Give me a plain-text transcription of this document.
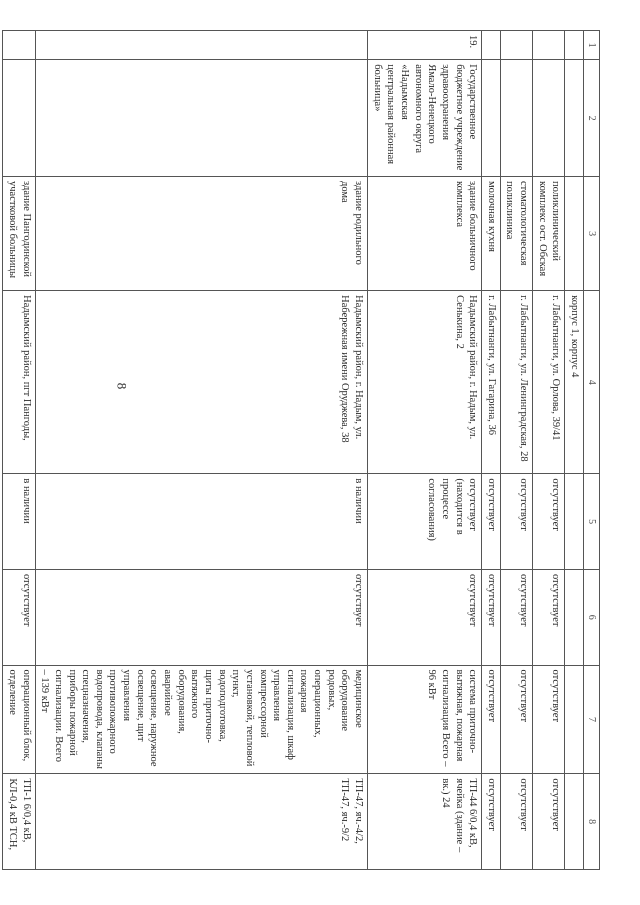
8
1	2	3	4	5	6	7	8
			корпус 1, корпус 4				
		поликлинический комплекс ост. Обская	г. Лабытнанги, ул. Орлова, 39/41	отсутствует	отсутствует	отсутствует	отсутствует
		стоматологическая поликлиника	г. Лабытнанги, ул. Ленинградская, 28	отсутствует	отсутствует	отсутствует	отсутствует
		молочная кухня	г. Лабытнанги, ул. Гагарина, 36	отсутствует	отсутствует	отсутствует	отсутствует
19.	Государственное бюджетное учреждение здравоохранения Ямало-Ненецкого автономного округа «Надымская центральная районная больница»	здание больничного комплекса	Надымский район, г. Надым, ул. Сенькина, 2	отсутствует (находится в процессе согласования)	отсутствует	система приточно-вытяжная, пожарная сигнализация Всего – 96 кВт	ТП-44 6/0,4 кВ, ячейка (здание – вк.) 24
		здание родильного дома	Надымский район, г. Надым, ул. Набережная имени Оруджева, 38	в наличии	отсутствует	медицинское оборудование родовых, операционных, пожарная сигнализация, шкаф управления компрессорной установкой, тепловой пункт, водоподготовка, щиты приточно-вытяжного оборудования, аварийное освещение, наружное освещение, щит управления противопожарного водопровода, клапаны спецназначения, приборы пожарной сигнализации. Всего – 139 кВт	ТП-47, яч.-4/2, ТП-47, яч.-9/2
		здание Пангодинской участковой больницы	Надымский район, пгт Пангоды,	в наличии	отсутствует	операционный блок, отделение	ТП-1 6/0,4 кВ, КЛ-0,4 кВ ТСН,
